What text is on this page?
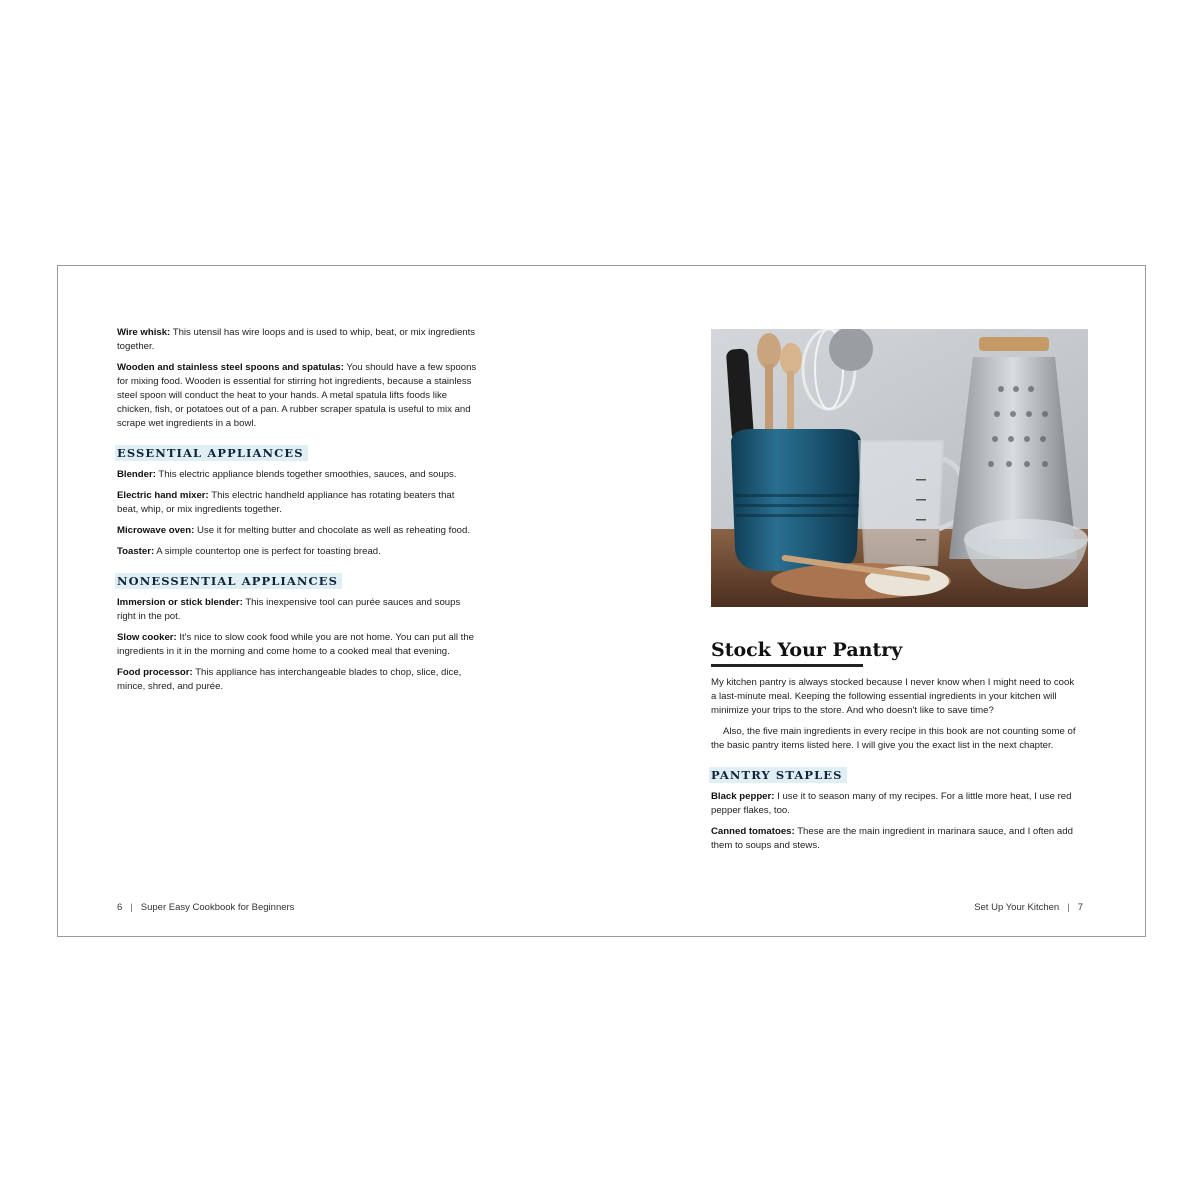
Wire whisk: This utensil has wire loops and is used to whip, beat, or mix ingredients together.

Wooden and stainless steel spoons and spatulas: You should have a few spoons for mixing food. Wooden is essential for stirring hot ingredients, because a stainless steel spoon will conduct the heat to your hands. A metal spatula lifts foods like chicken, fish, or potatoes out of a pan. A rubber scraper spatula is useful to mix and scrape wet ingredients in a bowl.

ESSENTIAL APPLIANCES

Blender: This electric appliance blends together smoothies, sauces, and soups.

Electric hand mixer: This electric handheld appliance has rotating beaters that beat, whip, or mix ingredients together.

Microwave oven: Use it for melting butter and chocolate as well as reheating food.

Toaster: A simple countertop one is perfect for toasting bread.

NONESSENTIAL APPLIANCES

Immersion or stick blender: This inexpensive tool can purée sauces and soups right in the pot.

Slow cooker: It's nice to slow cook food while you are not home. You can put all the ingredients in it in the morning and come home to a cooked meal that evening.

Food processor: This appliance has interchangeable blades to chop, slice, dice, mince, shred, and purée.

6 | Super Easy Cookbook for Beginners
Stock Your Pantry

My kitchen pantry is always stocked because I never know when I might need to cook a last-minute meal. Keeping the following essential ingredients in your kitchen will minimize your trips to the store. And who doesn't like to save time?

Also, the five main ingredients in every recipe in this book are not counting some of the basic pantry items listed here. I will give you the exact list in the next chapter.

PANTRY STAPLES

Black pepper: I use it to season many of my recipes. For a little more heat, I use red pepper flakes, too.

Canned tomatoes: These are the main ingredient in marinara sauce, and I often add them to soups and stews.

Set Up Your Kitchen | 7
